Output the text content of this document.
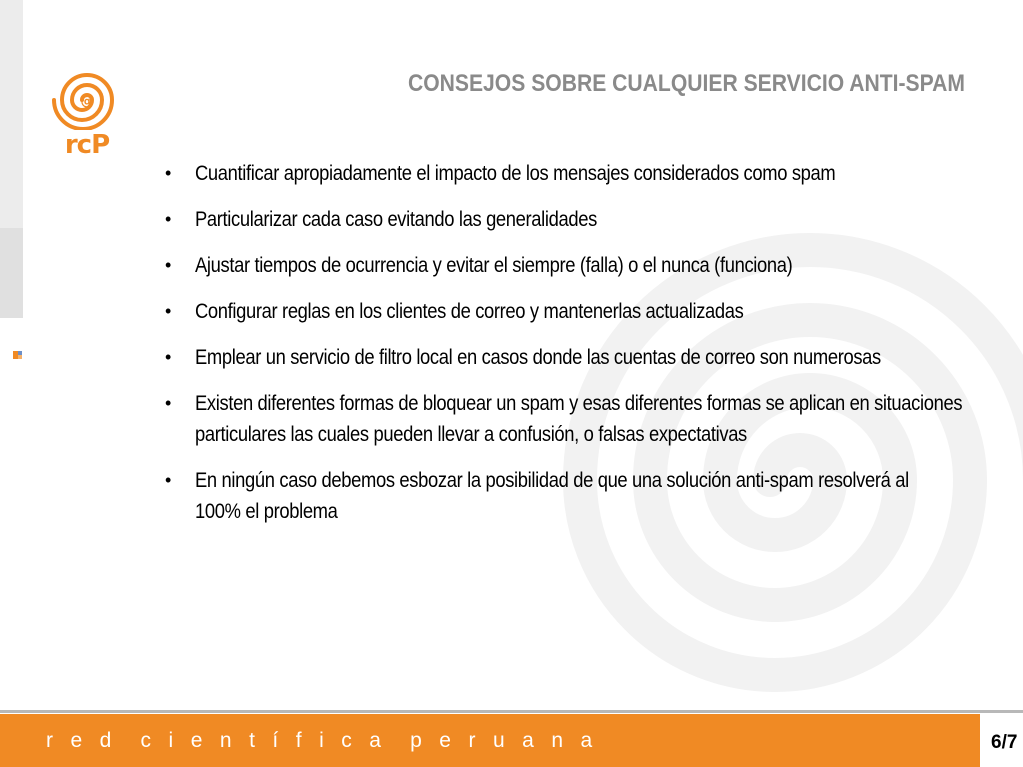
@
rcP
CONSEJOS SOBRE CUALQUIER SERVICIO ANTI-SPAM
• Cuantificar apropiadamente el impacto de los mensajes considerados como spam
• Particularizar cada caso evitando las generalidades
• Ajustar tiempos de ocurrencia y evitar el siempre (falla) o el nunca (funciona)
• Configurar reglas en los clientes de correo y mantenerlas actualizadas
• Emplear un servicio de filtro local en casos donde las cuentas de correo son numerosas
• Existen diferentes formas de bloquear un spam y esas diferentes formas se aplican en situaciones particulares las cuales pueden llevar a confusión, o falsas expectativas
• En ningún caso debemos esbozar la posibilidad de que una solución anti-spam resolverá al 100% el problema
r   e   d     c   i   e   n   t   í   f   i   c   a     p   e   r   u   a   n   a	6/7
